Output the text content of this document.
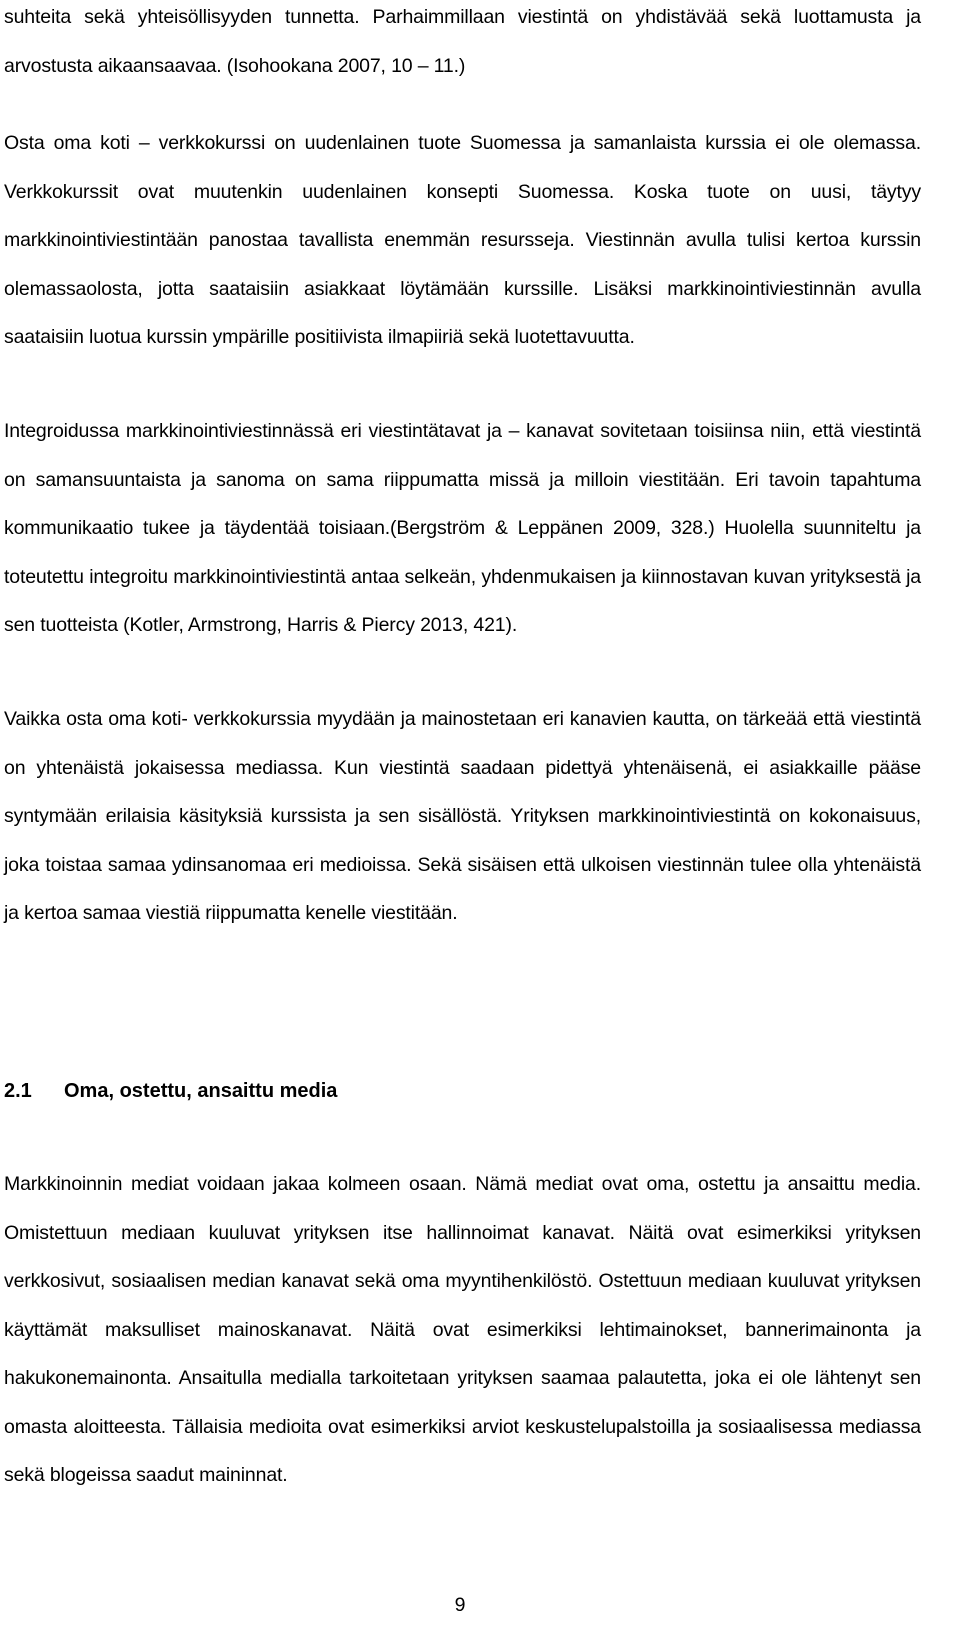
suhteita sekä yhteisöllisyyden tunnetta. Parhaimmillaan viestintä on yhdistävää sekä luottamusta ja arvostusta aikaansaavaa. (Isohookana 2007, 10 – 11.)

Osta oma koti – verkkokurssi on uudenlainen tuote Suomessa ja samanlaista kurssia ei ole olemassa. Verkkokurssit ovat muutenkin uudenlainen konsepti Suomessa. Koska tuote on uusi, täytyy markkinointiviestintään panostaa tavallista enemmän resursseja. Viestinnän avulla tulisi kertoa kurssin olemassaolosta, jotta saataisiin asiakkaat löytämään kurssille. Lisäksi markkinointiviestinnän avulla saataisiin luotua kurssin ympärille positiivista ilmapiiriä sekä luotettavuutta.

Integroidussa markkinointiviestinnässä eri viestintätavat ja – kanavat sovitetaan toisiinsa niin, että viestintä on samansuuntaista ja sanoma on sama riippumatta missä ja milloin viestitään. Eri tavoin tapahtuma kommunikaatio tukee ja täydentää toisiaan.(Bergström & Leppänen 2009, 328.) Huolella suunniteltu ja toteutettu integroitu markkinointiviestintä antaa selkeän, yhdenmukaisen ja kiinnostavan kuvan yrityksestä ja sen tuotteista (Kotler, Armstrong, Harris & Piercy 2013, 421).

Vaikka osta oma koti- verkkokurssia myydään ja mainostetaan eri kanavien kautta, on tärkeää että viestintä on yhtenäistä jokaisessa mediassa. Kun viestintä saadaan pidettyä yhtenäisenä, ei asiakkaille pääse syntymään erilaisia käsityksiä kurssista ja sen sisällöstä. Yrityksen markkinointiviestintä on kokonaisuus, joka toistaa samaa ydinsanomaa eri medioissa. Sekä sisäisen että ulkoisen viestinnän tulee olla yhtenäistä ja kertoa samaa viestiä riippumatta kenelle viestitään.

2.1	Oma, ostettu, ansaittu media

Markkinoinnin mediat voidaan jakaa kolmeen osaan. Nämä mediat ovat oma, ostettu ja ansaittu media. Omistettuun mediaan kuuluvat yrityksen itse hallinnoimat kanavat. Näitä ovat esimerkiksi yrityksen verkkosivut, sosiaalisen median kanavat sekä oma myyntihenkilöstö. Ostettuun mediaan kuuluvat yrityksen käyttämät maksulliset mainoskanavat. Näitä ovat esimerkiksi lehtimainokset, bannerimainonta ja hakukonemainonta. Ansaitulla medialla tarkoitetaan yrityksen saamaa palautetta, joka ei ole lähtenyt sen omasta aloitteesta. Tällaisia medioita ovat esimerkiksi arviot keskustelupalstoilla ja sosiaalisessa mediassa sekä blogeissa saadut maininnat.

9
